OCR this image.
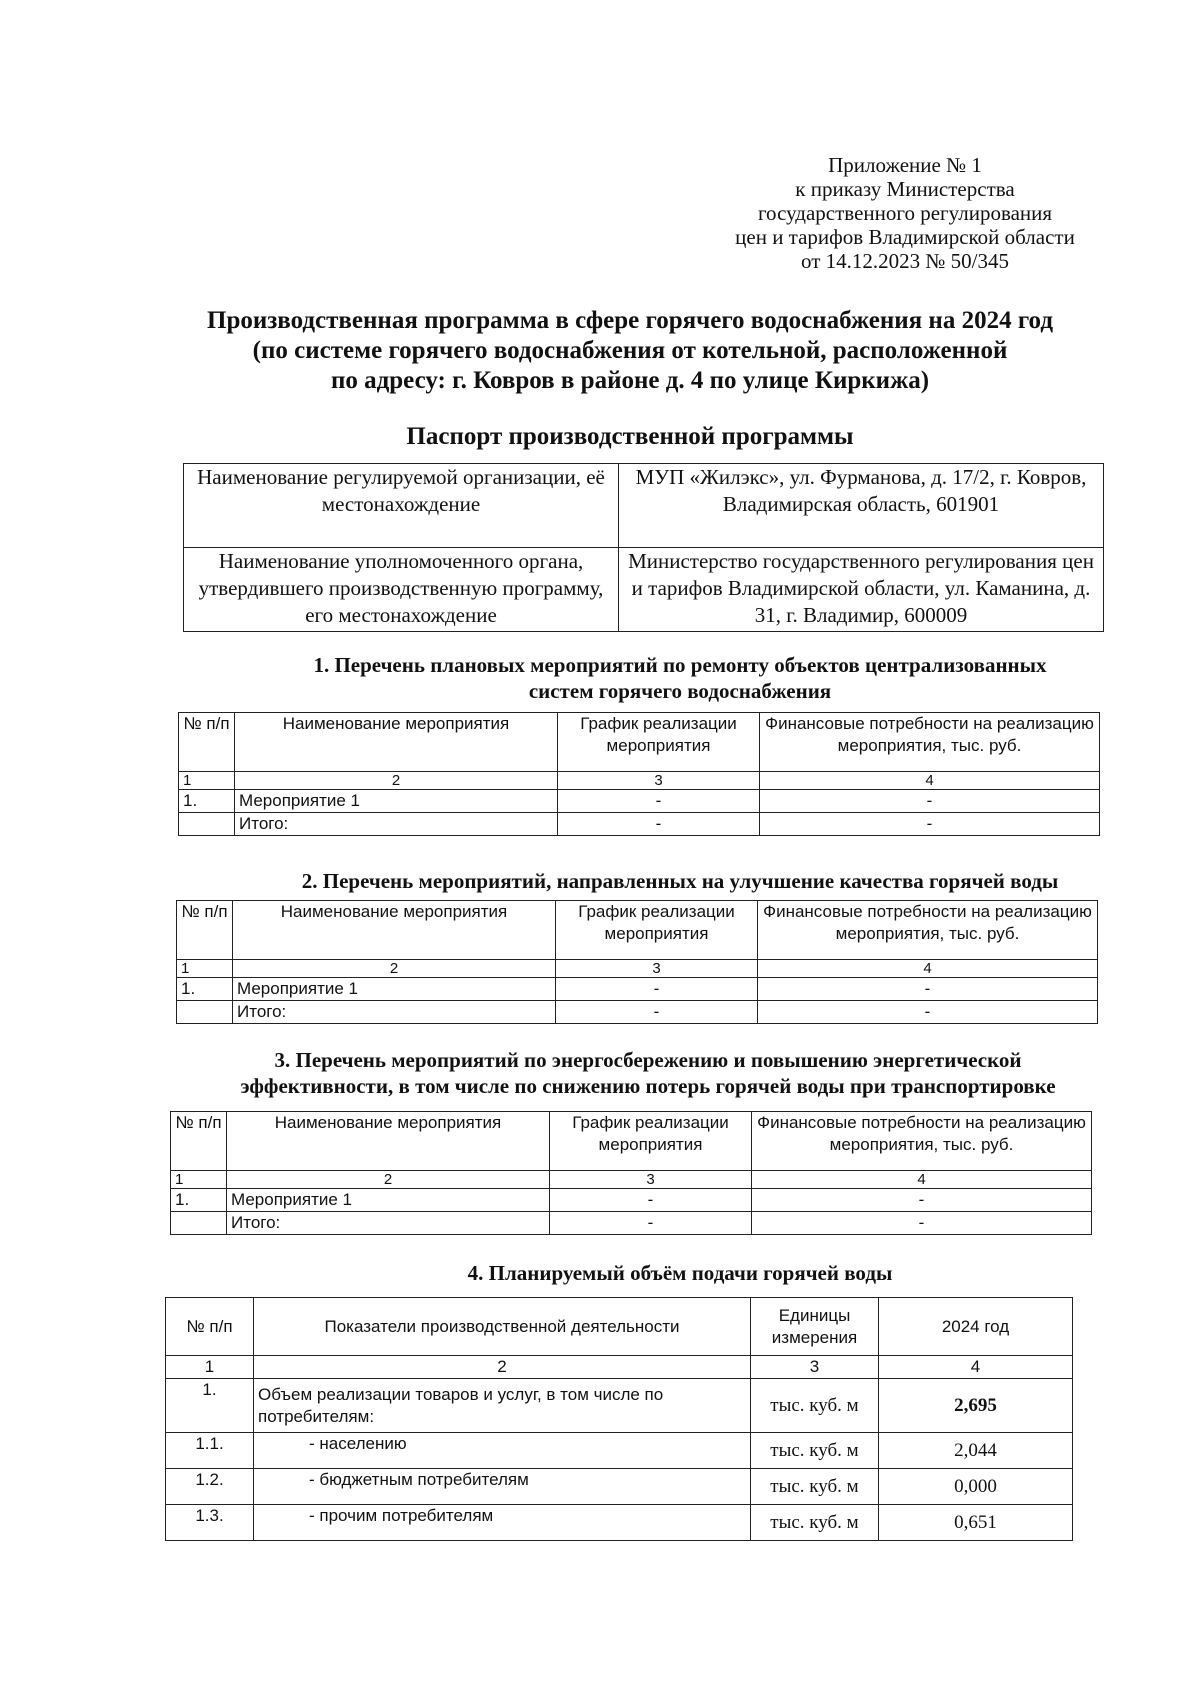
Приложение № 1
к приказу Министерства
государственного регулирования
цен и тарифов Владимирской области
от 14.12.2023 № 50/345
Производственная программа в сфере горячего водоснабжения на 2024 год
(по системе горячего водоснабжения от котельной, расположенной
по адресу: г. Ковров в районе д. 4 по улице Киркижа)
Паспорт производственной программы
Наименование регулируемой организации, её местонахождение	МУП «Жилэкс», ул. Фурманова, д. 17/2, г. Ковров, Владимирская область, 601901
Наименование уполномоченного органа, утвердившего производственную программу, его местонахождение	Министерство государственного регулирования цен и тарифов Владимирской области, ул. Каманина, д. 31, г. Владимир, 600009
1. Перечень плановых мероприятий по ремонту объектов централизованных
систем горячего водоснабжения
№ п/п	Наименование мероприятия	График реализации мероприятия	Финансовые потребности на реализацию мероприятия, тыс. руб.
1	2	3	4
1.	Мероприятие 1	-	-
	Итого:	-	-
2. Перечень мероприятий, направленных на улучшение качества горячей воды
№ п/п	Наименование мероприятия	График реализации мероприятия	Финансовые потребности на реализацию мероприятия, тыс. руб.
1	2	3	4
1.	Мероприятие 1	-	-
	Итого:	-	-
3. Перечень мероприятий по энергосбережению и повышению энергетической
эффективности, в том числе по снижению потерь горячей воды при транспортировке
№ п/п	Наименование мероприятия	График реализации мероприятия	Финансовые потребности на реализацию мероприятия, тыс. руб.
1	2	3	4
1.	Мероприятие 1	-	-
	Итого:	-	-
4. Планируемый объём подачи горячей воды
№ п/п	Показатели производственной деятельности	Единицы измерения	2024 год
1	2	3	4
1.	Объем реализации товаров и услуг, в том числе по потребителям:	тыс. куб. м	2,695
1.1.	- населению	тыс. куб. м	2,044
1.2.	- бюджетным потребителям	тыс. куб. м	0,000
1.3.	- прочим потребителям	тыс. куб. м	0,651
